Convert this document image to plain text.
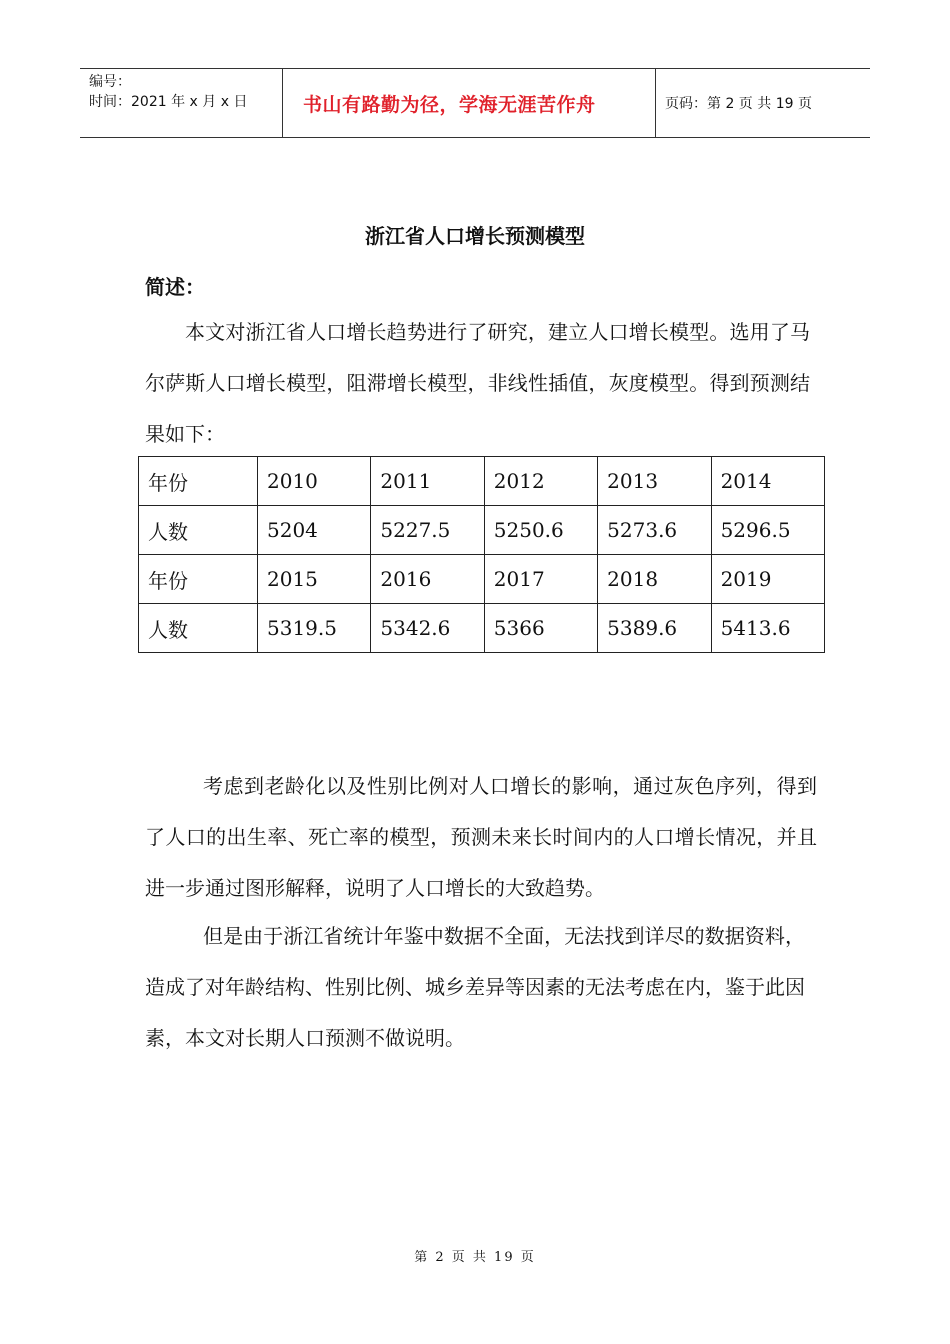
编号：
时间：2021 年 x 月 x 日	书山有路勤为径，学海无涯苦作舟	页码：第 2 页 共 19 页
浙江省人口增长预测模型
简述：

本文对浙江省人口增长趋势进行了研究，建立人口增长模型。选用了马尔萨斯人口增长模型，阻滞增长模型，非线性插值，灰度模型。得到预测结果如下：

年份	2010	2011	2012	2013	2014
人数	5204	5227.5	5250.6	5273.6	5296.5
年份	2015	2016	2017	2018	2019
人数	5319.5	5342.6	5366	5389.6	5413.6

考虑到老龄化以及性别比例对人口增长的影响，通过灰色序列，得到了人口的出生率、死亡率的模型，预测未来长时间内的人口增长情况，并且进一步通过图形解释，说明了人口增长的大致趋势。

但是由于浙江省统计年鉴中数据不全面，无法找到详尽的数据资料，造成了对年龄结构、性别比例、城乡差异等因素的无法考虑在内，鉴于此因素，本文对长期人口预测不做说明。

第 2 页 共 19 页
